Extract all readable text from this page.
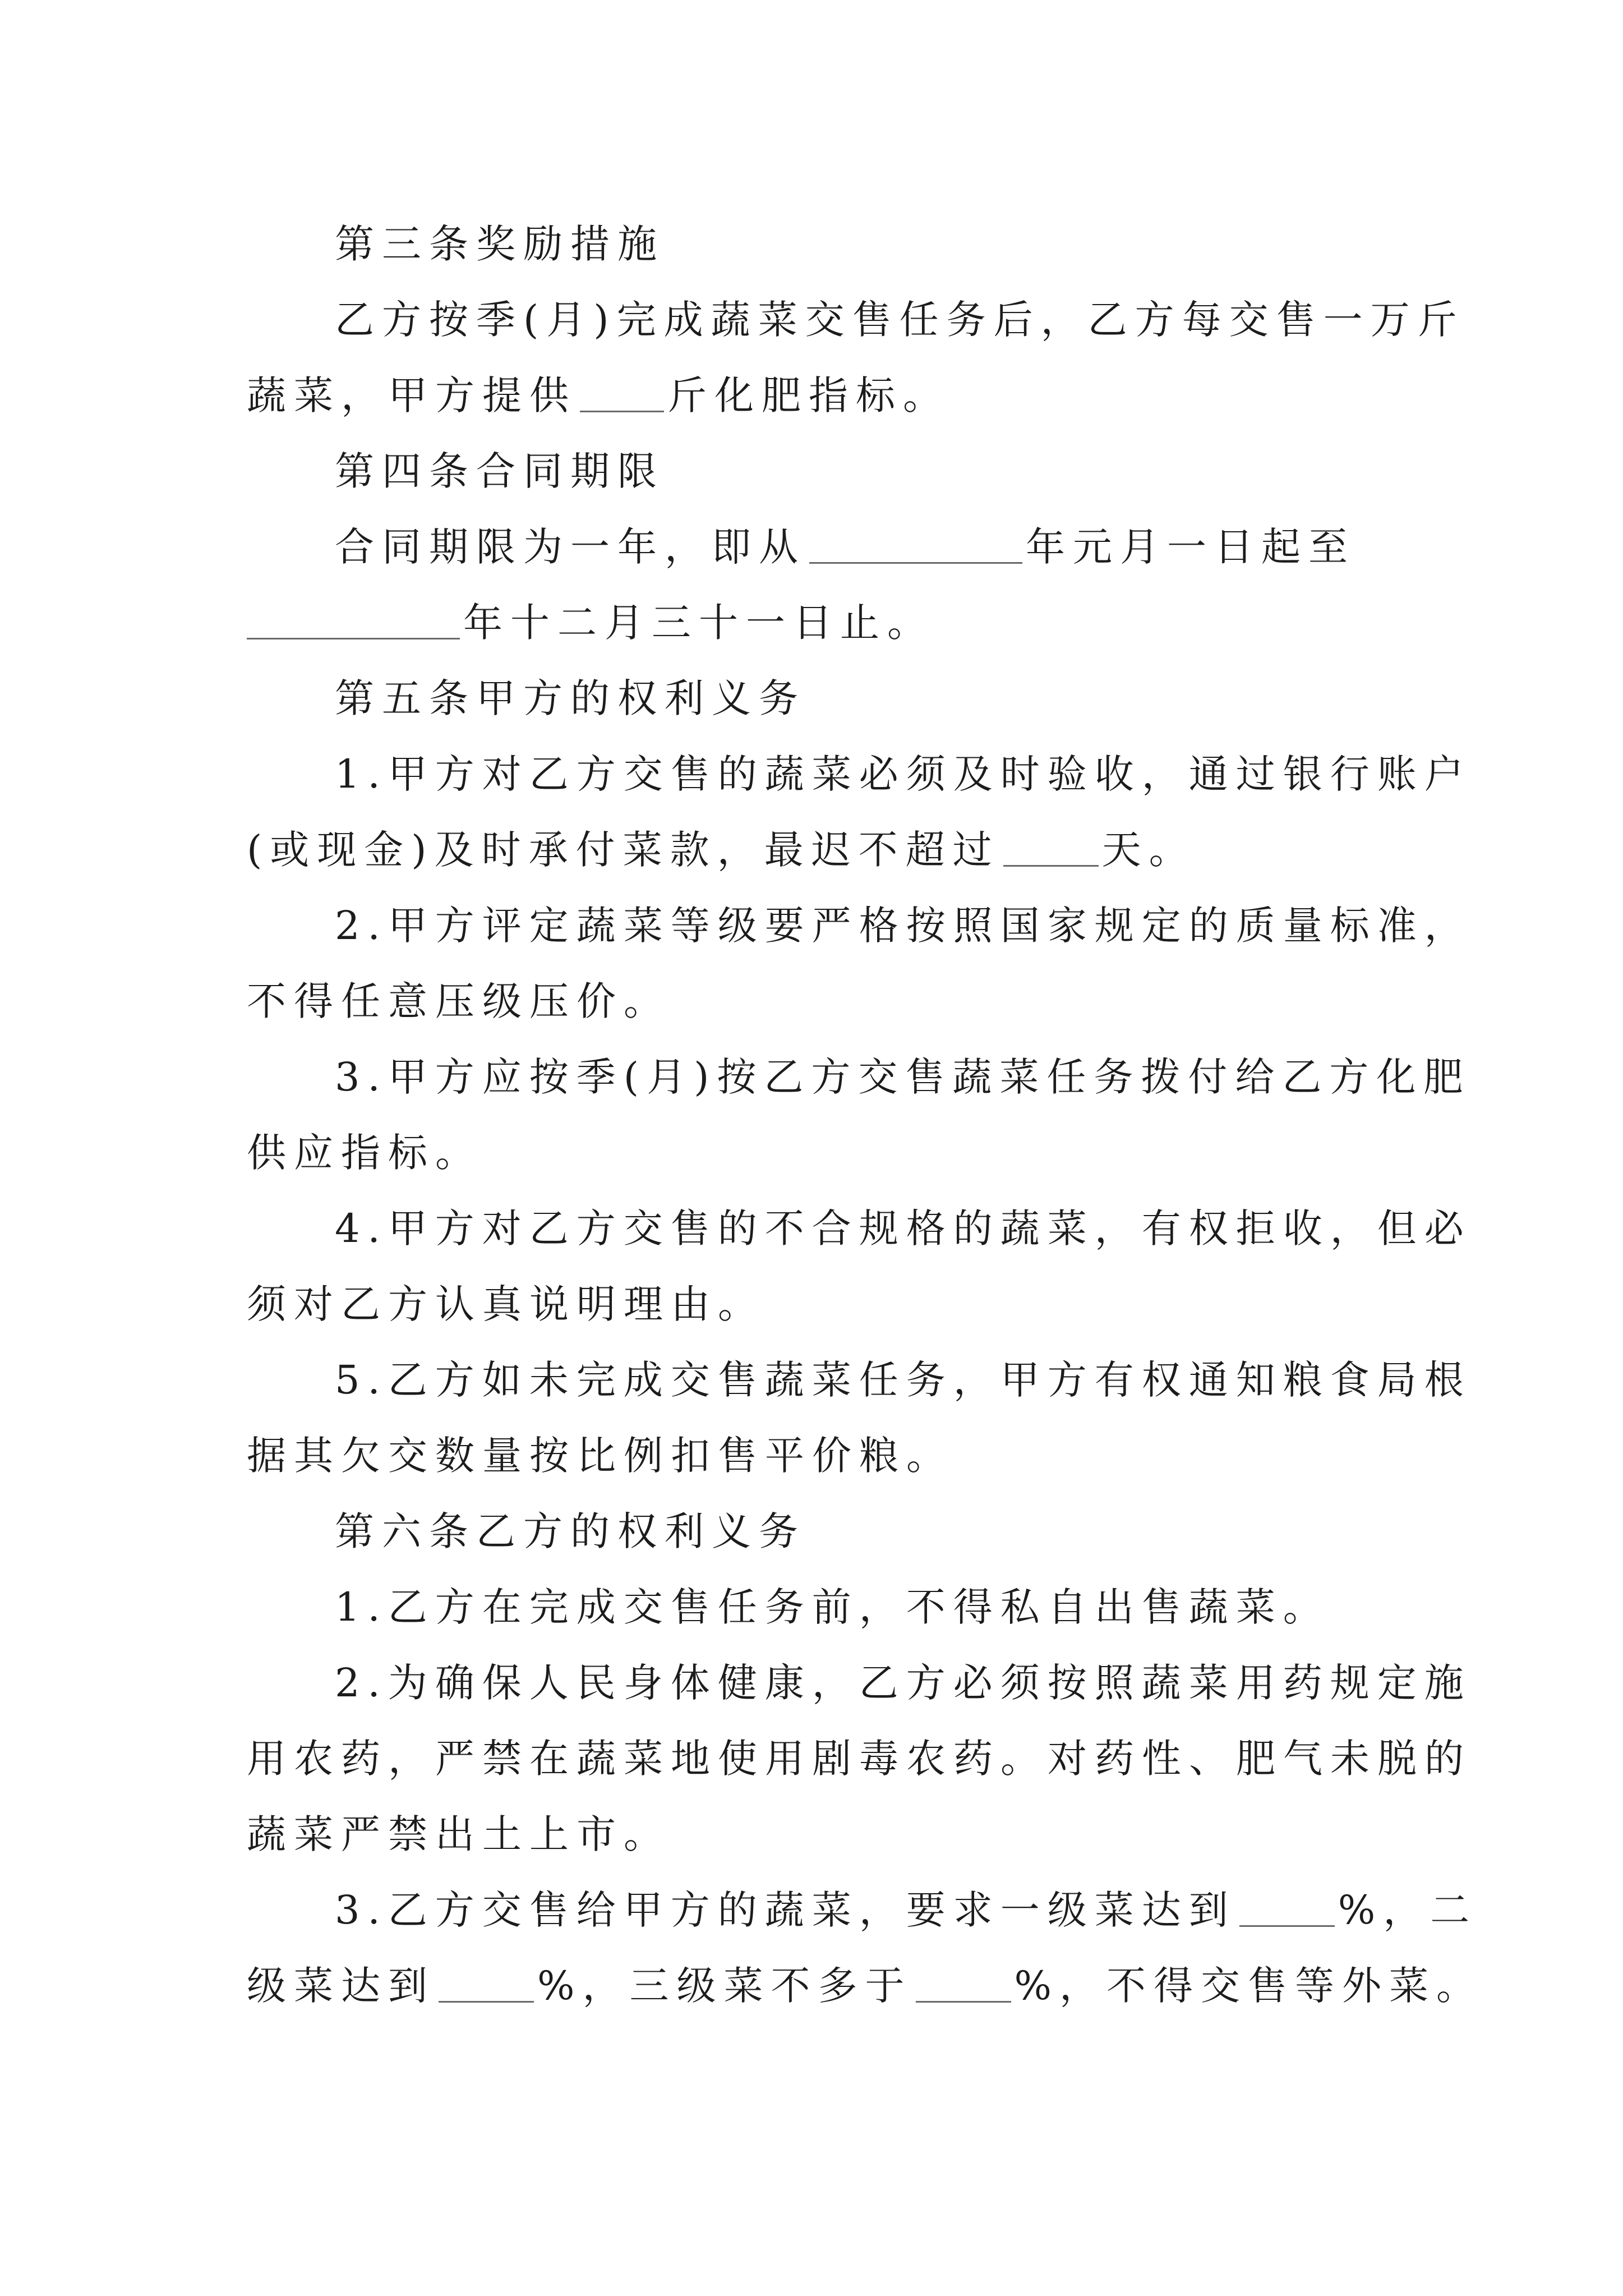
第三条奖励措施
乙方按季(月)完成蔬菜交售任务后，乙方每交售一万斤
蔬菜，甲方提供 斤化肥指标。
第四条合同期限
合同期限为一年，即从	年元月一日起至
年十二月三十一日止。
第五条甲方的权利义务
1.甲方对乙方交售的蔬菜必须及时验收，通过银行账户
(或现金)及时承付菜款，最迟不超过	天。
2.甲方评定蔬菜等级要严格按照国家规定的质量标准，
不得任意压级压价。
3.甲方应按季(月)按乙方交售蔬菜任务拨付给乙方化肥
供应指标。
4.甲方对乙方交售的不合规格的蔬菜，有权拒收，但必
须对乙方认真说明理由。
5.乙方如未完成交售蔬菜任务，甲方有权通知粮食局根
据其欠交数量按比例扣售平价粮。
第六条乙方的权利义务
1.乙方在完成交售任务前，不得私自出售蔬菜。
2.为确保人民身体健康，乙方必须按照蔬菜用药规定施
用农药，严禁在蔬菜地使用剧毒农药。对药性、肥气未脱的
蔬菜严禁出土上市。
3.乙方交售给甲方的蔬菜，要求一级菜达到	%，二
级菜达到	%，三级菜不多于	%，不得交售等外菜。
